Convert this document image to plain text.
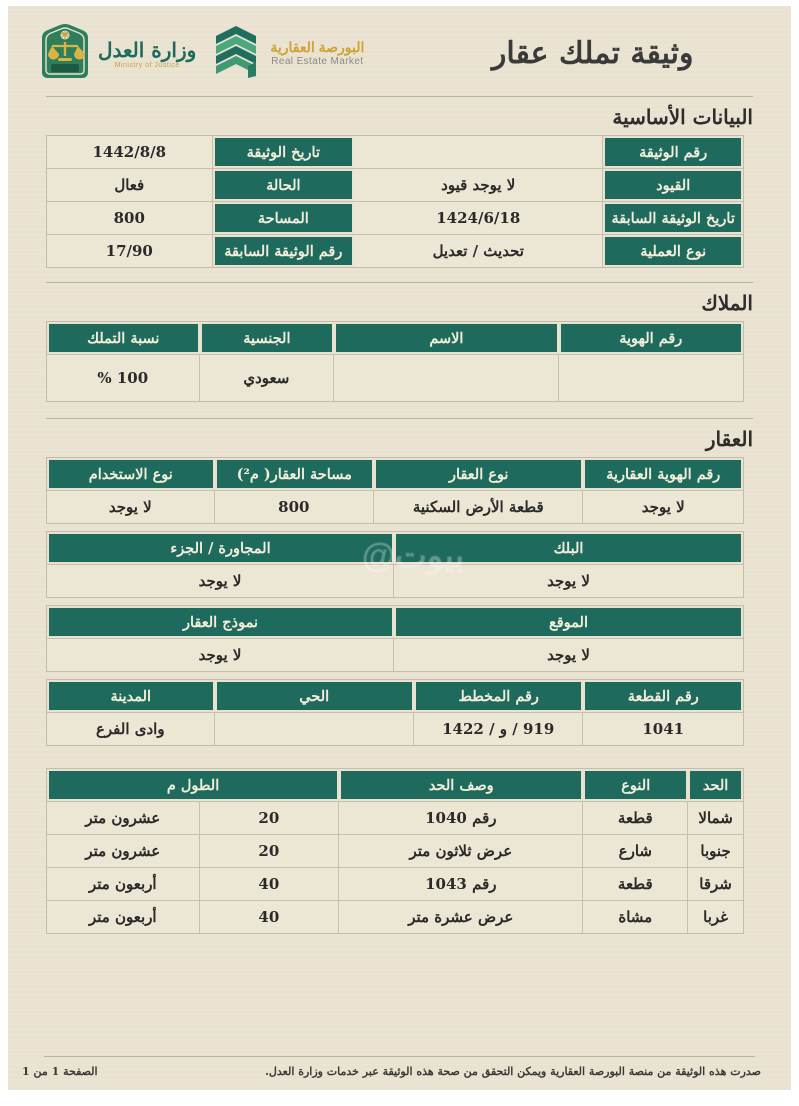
وثيقة تملك عقار
البورصة العقارية
Real Estate Market
وزارة العدل
Ministry of Justice
البيانات الأساسية
رقم الوثيقة
تاريخ الوثيقة
1442/8/8
القيود
لا يوجد قيود
الحالة
فعال
تاريخ الوثيقة السابقة
1424/6/18
المساحة
800
نوع العملية
تحديث / تعديل
رقم الوثيقة السابقة
17/90
الملاك
رقم الهوية
الاسم
الجنسية
نسبة التملك
سعودي
100 %
العقار
رقم الهوية العقارية
نوع العقار
مساحة العقار( م²)
نوع الاستخدام
لا يوجد
قطعة الأرض السكنية
800
لا يوجد
البلك
المجاورة / الجزء
لا يوجد
لا يوجد
الموقع
نموذج العقار
لا يوجد
لا يوجد
رقم القطعة
رقم المخطط
الحي
المدينة
1041
919 / و / 1422
وادى الفرع
الحد
النوع
وصف الحد
الطول م
شمالا
قطعة
رقم 1040
20
عشرون متر
جنوبا
شارع
عرض ثلاثون متر
20
عشرون متر
شرقا
قطعة
رقم 1043
40
أربعون متر
غربا
مشاة
عرض عشرة متر
40
أربعون متر
بيوت@
صدرت هذه الوثيقة من منصة البورصة العقارية ويمكن التحقق من صحة هذه الوثيقة عبر خدمات وزارة العدل.
الصفحة 1 من 1
